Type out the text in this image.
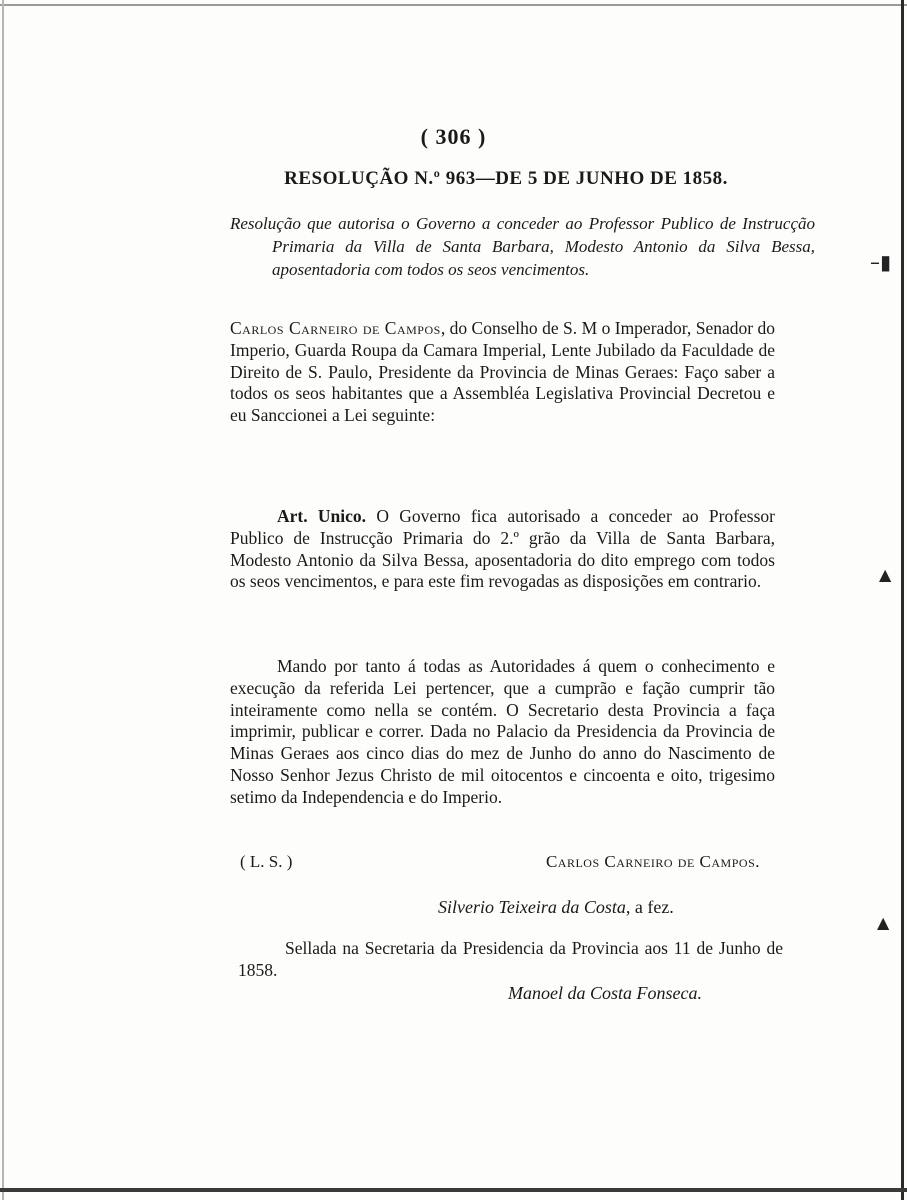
–▮
▲
▲
( 306 )
RESOLUÇÃO N.º 963—DE 5 DE JUNHO DE 1858.
Resolução que autorisa o Governo a conceder ao Professor Publico de Instrucção Primaria da Villa de Santa Barbara, Modesto Antonio da Silva Bessa, aposentadoria com todos os seos vencimentos.
Carlos Carneiro de Campos, do Conselho de S. M o Imperador, Senador do Imperio, Guarda Roupa da Camara Imperial, Lente Jubilado da Faculdade de Direito de S. Paulo, Presidente da Provincia de Minas Geraes: Faço saber a todos os seos habitantes que a Assembléa Legislativa Provincial Decretou e eu Sanccionei a Lei seguinte:
Art. Unico. O Governo fica autorisado a conceder ao Professor Publico de Instrucção Primaria do 2.º grão da Villa de Santa Barbara, Modesto Antonio da Silva Bessa, aposentadoria do dito emprego com todos os seos vencimentos, e para este fim revogadas as disposições em contrario.
Mando por tanto á todas as Autoridades á quem o conhecimento e execução da referida Lei pertencer, que a cumprão e fação cumprir tão inteiramente como nella se contém. O Secretario desta Provincia a faça imprimir, publicar e correr. Dada no Palacio da Presidencia da Provincia de Minas Geraes aos cinco dias do mez de Junho do anno do Nascimento de Nosso Senhor Jezus Christo de mil oitocentos e cincoenta e oito, trigesimo setimo da Independencia e do Imperio.
( L. S. )	Carlos Carneiro de Campos.
Silverio Teixeira da Costa, a fez.
Sellada na Secretaria da Presidencia da Provincia aos 11 de Junho de 1858.
Manoel da Costa Fonseca.
